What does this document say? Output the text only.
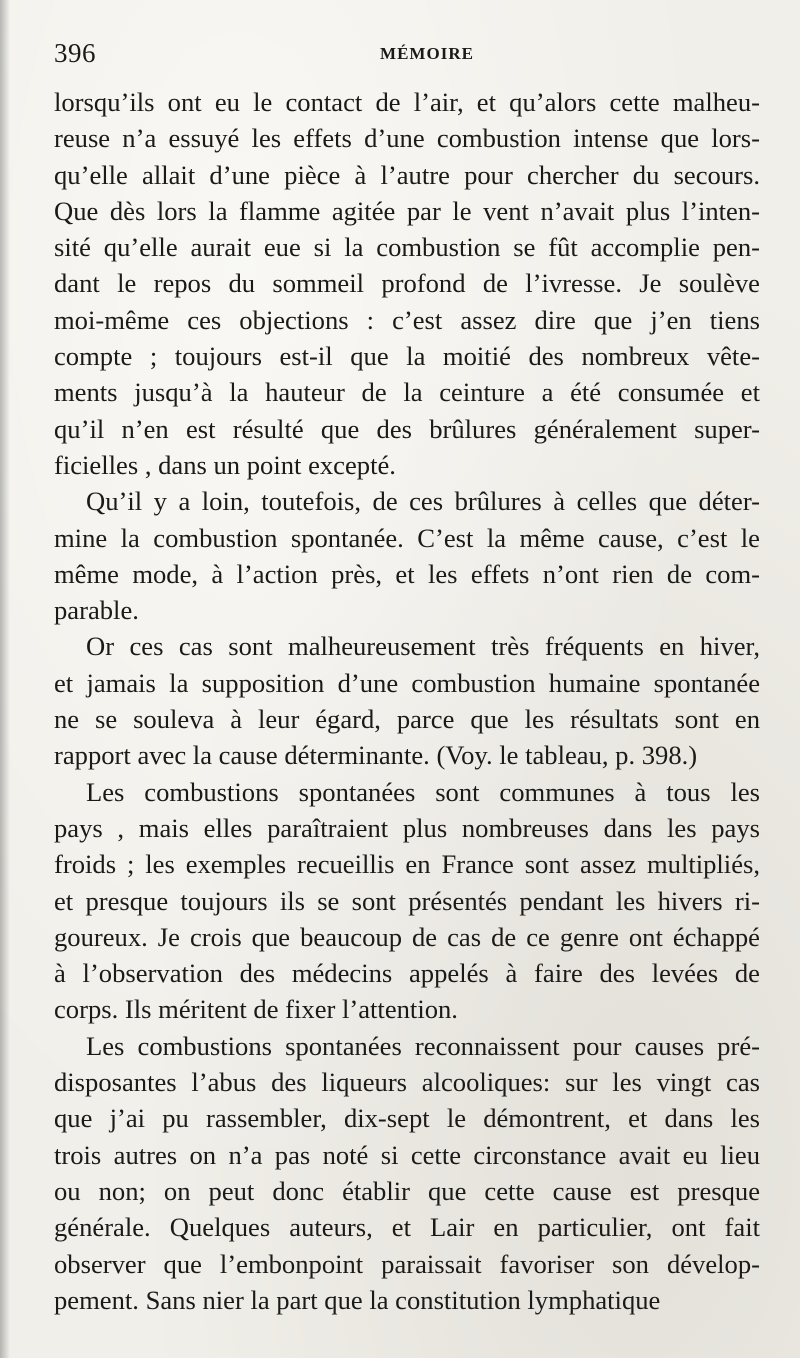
396	MÉMOIRE
lorsqu’ils ont eu le contact de l’air, et qu’alors cette malheu-
reuse n’a essuyé les effets d’une combustion intense que lors-
qu’elle allait d’une pièce à l’autre pour chercher du secours.
Que dès lors la flamme agitée par le vent n’avait plus l’inten-
sité qu’elle aurait eue si la combustion se fût accomplie pen-
dant le repos du sommeil profond de l’ivresse. Je soulève
moi-même ces objections : c’est assez dire que j’en tiens
compte ; toujours est-il que la moitié des nombreux vête-
ments jusqu’à la hauteur de la ceinture a été consumée et
qu’il n’en est résulté que des brûlures généralement super-
ficielles , dans un point excepté.
Qu’il y a loin, toutefois, de ces brûlures à celles que déter-
mine la combustion spontanée. C’est la même cause, c’est le
même mode, à l’action près, et les effets n’ont rien de com-
parable.
Or ces cas sont malheureusement très fréquents en hiver,
et jamais la supposition d’une combustion humaine spontanée
ne se souleva à leur égard, parce que les résultats sont en
rapport avec la cause déterminante. (Voy. le tableau, p. 398.)
Les combustions spontanées sont communes à tous les
pays , mais elles paraîtraient plus nombreuses dans les pays
froids ; les exemples recueillis en France sont assez multipliés,
et presque toujours ils se sont présentés pendant les hivers ri-
goureux. Je crois que beaucoup de cas de ce genre ont échappé
à l’observation des médecins appelés à faire des levées de
corps. Ils méritent de fixer l’attention.
Les combustions spontanées reconnaissent pour causes pré-
disposantes l’abus des liqueurs alcooliques: sur les vingt cas
que j’ai pu rassembler, dix-sept le démontrent, et dans les
trois autres on n’a pas noté si cette circonstance avait eu lieu
ou non; on peut donc établir que cette cause est presque
générale. Quelques auteurs, et Lair en particulier, ont fait
observer que l’embonpoint paraissait favoriser son dévelop-
pement. Sans nier la part que la constitution lymphatique
